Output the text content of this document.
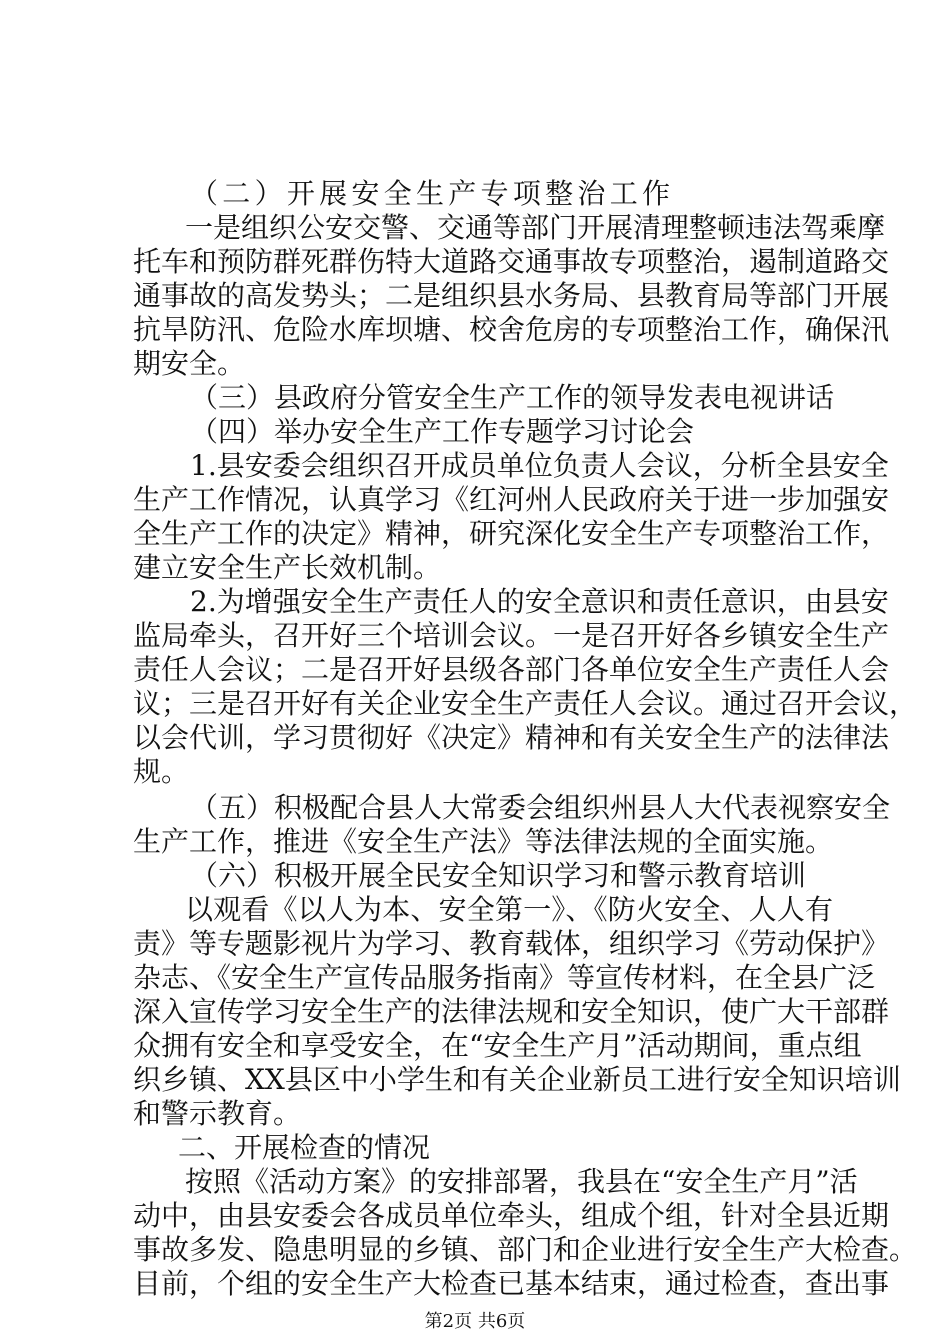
（二）开展安全生产专项整治工作
一是组织公安交警、交通等部门开展清理整顿违法驾乘摩
托车和预防群死群伤特大道路交通事故专项整治，遏制道路交
通事故的高发势头；二是组织县水务局、县教育局等部门开展
抗旱防汛、危险水库坝塘、校舍危房的专项整治工作，确保汛
期安全。
（三）县政府分管安全生产工作的领导发表电视讲话
（四）举办安全生产工作专题学习讨论会
1.县安委会组织召开成员单位负责人会议，分析全县安全
生产工作情况，认真学习《红河州人民政府关于进一步加强安
全生产工作的决定》精神，研究深化安全生产专项整治工作，
建立安全生产长效机制。
2.为增强安全生产责任人的安全意识和责任意识，由县安
监局牵头，召开好三个培训会议。一是召开好各乡镇安全生产
责任人会议；二是召开好县级各部门各单位安全生产责任人会
议；三是召开好有关企业安全生产责任人会议。通过召开会议，
以会代训，学习贯彻好《决定》精神和有关安全生产的法律法
规。
（五）积极配合县人大常委会组织州县人大代表视察安全
生产工作，推进《安全生产法》等法律法规的全面实施。
（六）积极开展全民安全知识学习和警示教育培训
以观看《以人为本、安全第一》、《防火安全、人人有
责》等专题影视片为学习、教育载体，组织学习《劳动保护》
杂志、《安全生产宣传品服务指南》等宣传材料，在全县广泛
深入宣传学习安全生产的法律法规和安全知识，使广大干部群
众拥有安全和享受安全，在“安全生产月”活动期间，重点组
织乡镇、XX县区中小学生和有关企业新员工进行安全知识培训
和警示教育。
二、开展检查的情况
按照《活动方案》的安排部署，我县在“安全生产月”活
动中，由县安委会各成员单位牵头，组成个组，针对全县近期
事故多发、隐患明显的乡镇、部门和企业进行安全生产大检查。
目前，个组的安全生产大检查已基本结束，通过检查，查出事
第2页 共6页
